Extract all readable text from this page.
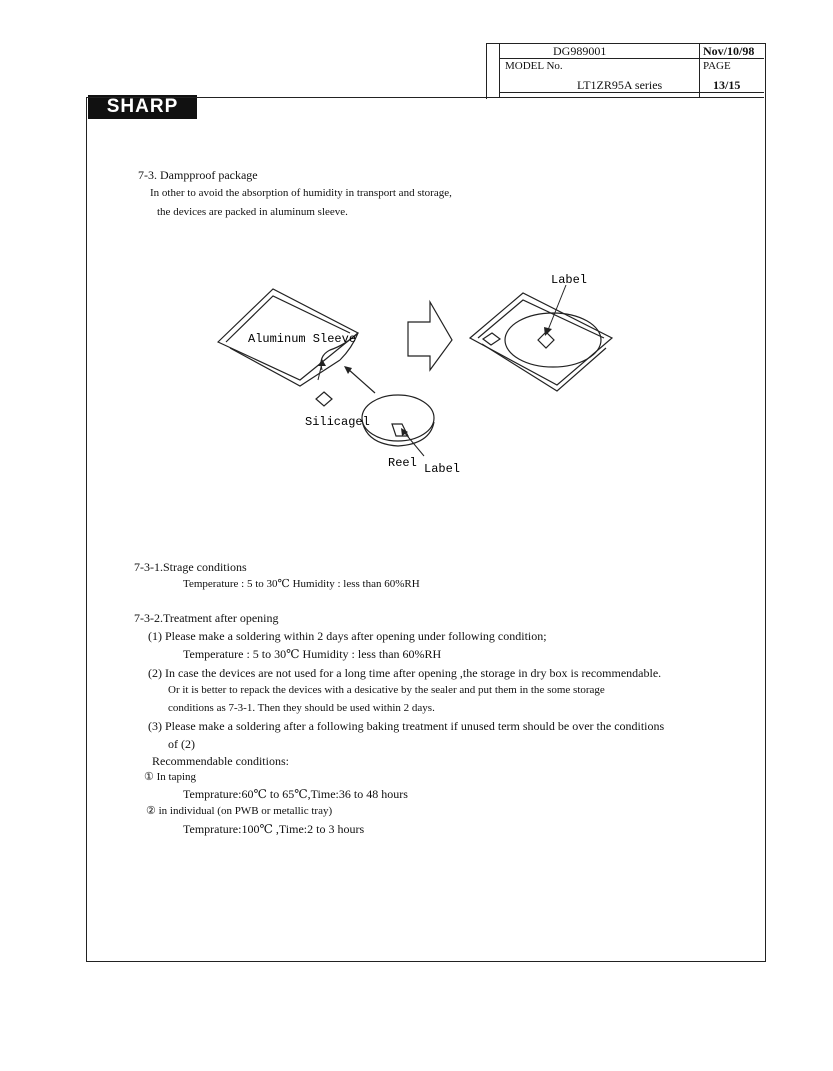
DG989001	Nov/10/98
MODEL No.	PAGE
LT1ZR95A series	13/15
SHARP
7-3. Dampproof package
In other to avoid the absorption of humidity in transport and storage,
the devices are packed in aluminum sleeve.
Aluminum Sleeve
Silicagel
Reel Label
Label
7-3-1.Strage conditions
Temperature : 5 to 30℃ Humidity : less than 60%RH
7-3-2.Treatment after opening
(1) Please make a soldering within 2 days after opening under following condition;
Temperature : 5 to 30℃ Humidity : less than 60%RH
(2) In case the devices are not used for a long time after opening ,the storage in dry box is recommendable.
Or it is better to repack the devices with a desicative by the sealer and put them in the some storage
conditions as 7-3-1. Then they should be used within 2 days.
(3) Please make a soldering after a following baking treatment if unused term should be over the conditions
of (2)
Recommendable conditions:
① In taping
Temprature:60℃ to 65℃,Time:36 to 48 hours
② in individual (on PWB or metallic tray)
Temprature:100℃ ,Time:2 to 3 hours
